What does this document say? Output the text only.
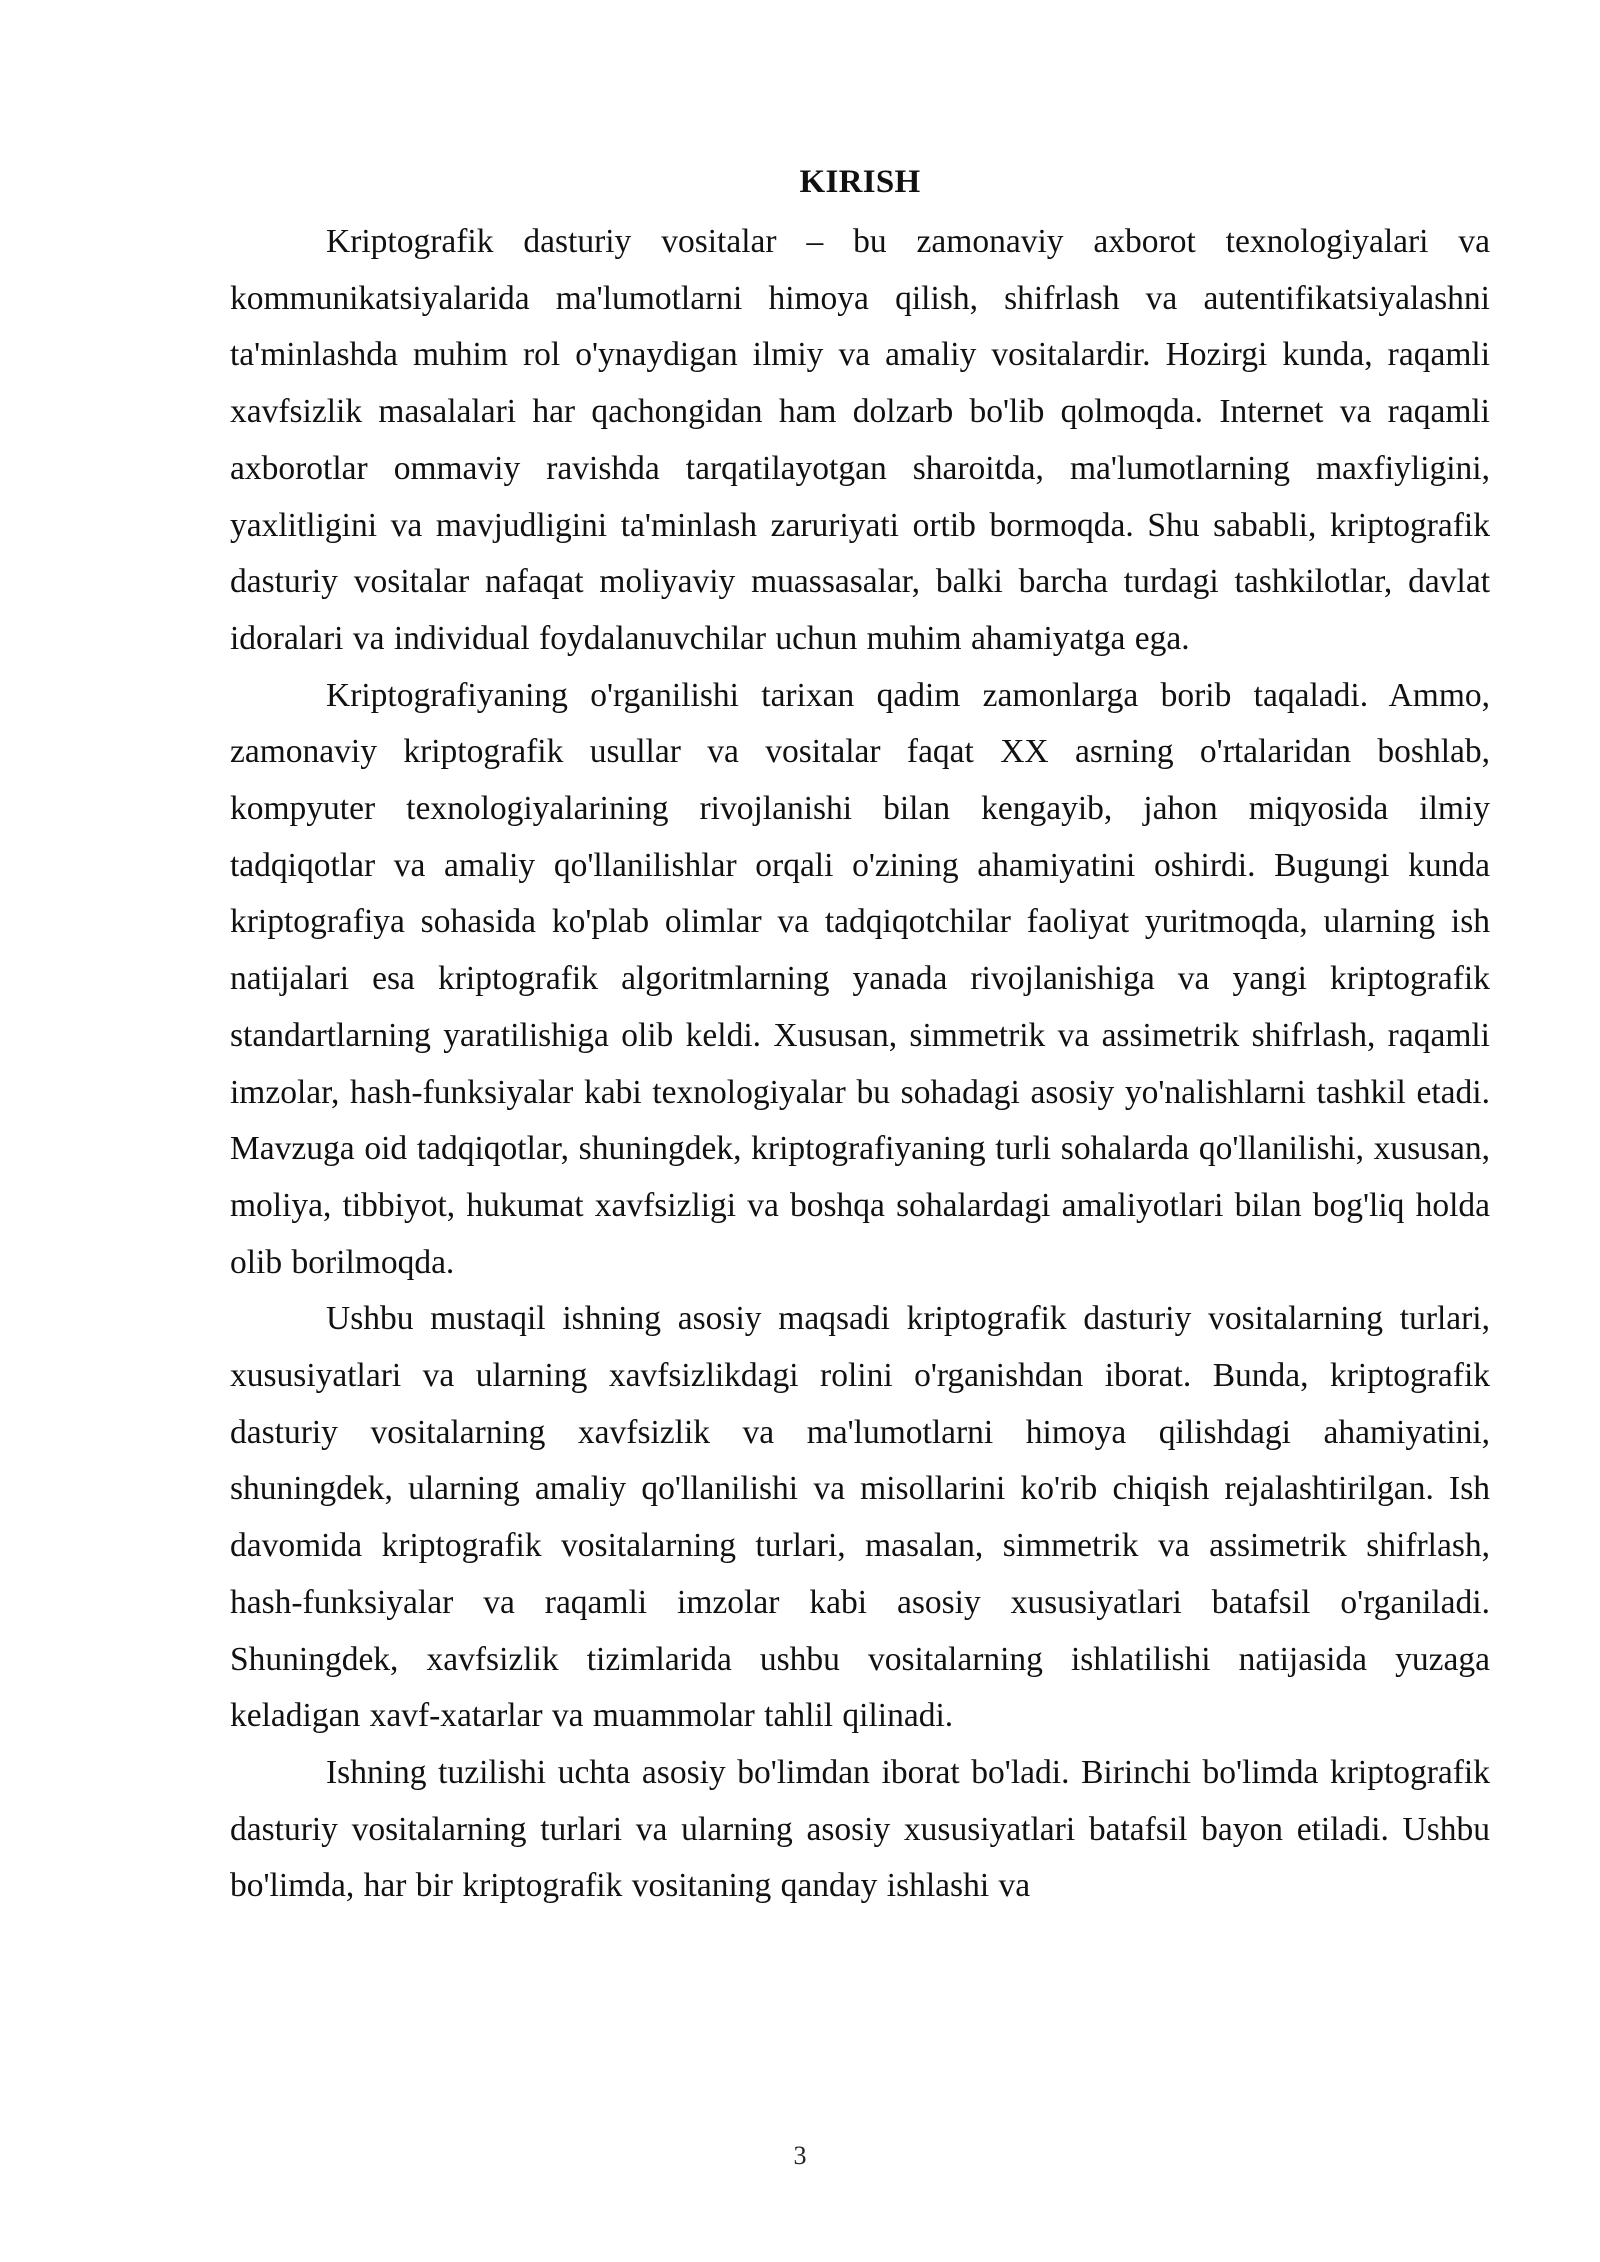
KIRISH

Kriptografik dasturiy vositalar – bu zamonaviy axborot texnologiyalari va kommunikatsiyalarida ma'lumotlarni himoya qilish, shifrlash va autentifikatsiyalashni ta'minlashda muhim rol o'ynaydigan ilmiy va amaliy vositalardir. Hozirgi kunda, raqamli xavfsizlik masalalari har qachongidan ham dolzarb bo'lib qolmoqda. Internet va raqamli axborotlar ommaviy ravishda tarqatilayotgan sharoitda, ma'lumotlarning maxfiyligini, yaxlitligini va mavjudligini ta'minlash zaruriyati ortib bormoqda. Shu sababli, kriptografik dasturiy vositalar nafaqat moliyaviy muassasalar, balki barcha turdagi tashkilotlar, davlat idoralari va individual foydalanuvchilar uchun muhim ahamiyatga ega.

Kriptografiyaning o'rganilishi tarixan qadim zamonlarga borib taqaladi. Ammo, zamonaviy kriptografik usullar va vositalar faqat XX asrning o'rtalaridan boshlab, kompyuter texnologiyalarining rivojlanishi bilan kengayib, jahon miqyosida ilmiy tadqiqotlar va amaliy qo'llanilishlar orqali o'zining ahamiyatini oshirdi. Bugungi kunda kriptografiya sohasida ko'plab olimlar va tadqiqotchilar faoliyat yuritmoqda, ularning ish natijalari esa kriptografik algoritmlarning yanada rivojlanishiga va yangi kriptografik standartlarning yaratilishiga olib keldi. Xususan, simmetrik va assimetrik shifrlash, raqamli imzolar, hash-funksiyalar kabi texnologiyalar bu sohadagi asosiy yo'nalishlarni tashkil etadi. Mavzuga oid tadqiqotlar, shuningdek, kriptografiyaning turli sohalarda qo'llanilishi, xususan, moliya, tibbiyot, hukumat xavfsizligi va boshqa sohalardagi amaliyotlari bilan bog'liq holda olib borilmoqda.

Ushbu mustaqil ishning asosiy maqsadi kriptografik dasturiy vositalarning turlari, xususiyatlari va ularning xavfsizlikdagi rolini o'rganishdan iborat. Bunda, kriptografik dasturiy vositalarning xavfsizlik va ma'lumotlarni himoya qilishdagi ahamiyatini, shuningdek, ularning amaliy qo'llanilishi va misollarini ko'rib chiqish rejalashtirilgan. Ish davomida kriptografik vositalarning turlari, masalan, simmetrik va assimetrik shifrlash, hash-funksiyalar va raqamli imzolar kabi asosiy xususiyatlari batafsil o'rganiladi. Shuningdek, xavfsizlik tizimlarida ushbu vositalarning ishlatilishi natijasida yuzaga keladigan xavf-xatarlar va muammolar tahlil qilinadi.

Ishning tuzilishi uchta asosiy bo'limdan iborat bo'ladi. Birinchi bo'limda kriptografik dasturiy vositalarning turlari va ularning asosiy xususiyatlari batafsil bayon etiladi. Ushbu bo'limda, har bir kriptografik vositaning qanday ishlashi va

3
